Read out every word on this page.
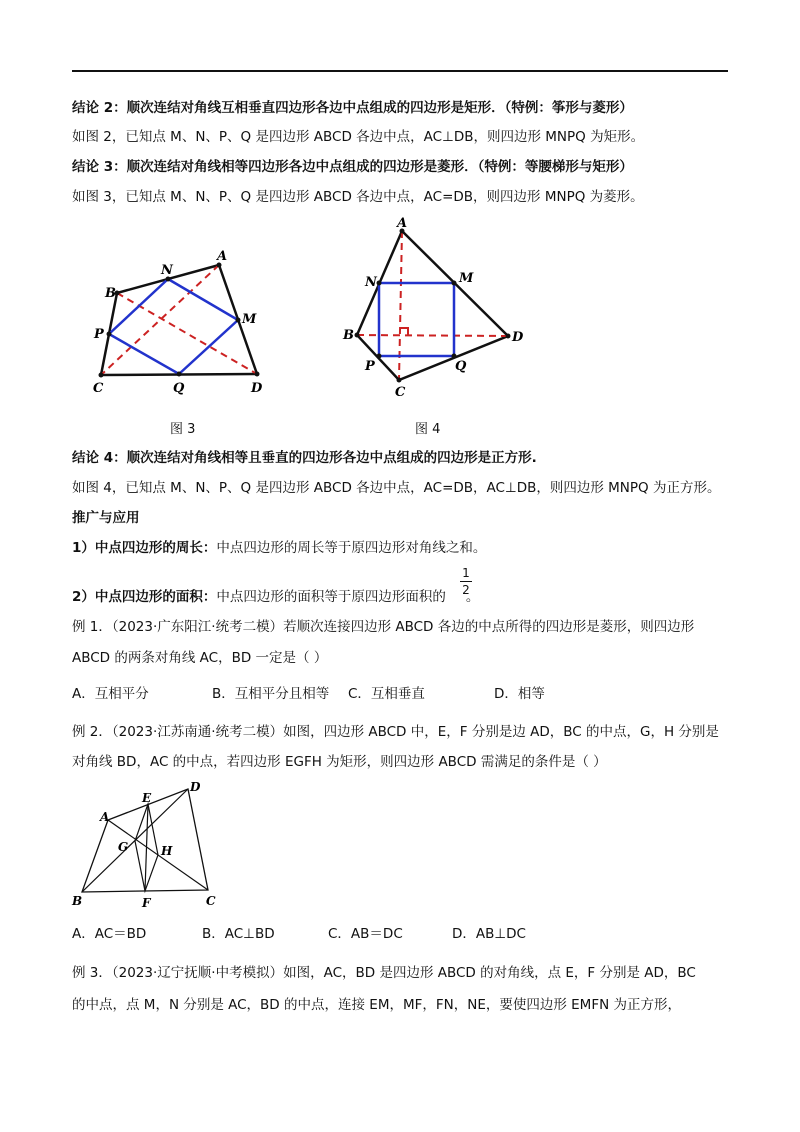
结论 2：顺次连结对角线互相垂直四边形各边中点组成的四边形是矩形．（特例：筝形与菱形）
如图 2，已知点 M、N、P、Q 是四边形 ABCD 各边中点，AC⊥DB，则四边形 MNPQ 为矩形。
结论 3：顺次连结对角线相等四边形各边中点组成的四边形是菱形．（特例：等腰梯形与矩形）
如图 3，已知点 M、N、P、Q 是四边形 ABCD 各边中点，AC=DB，则四边形 MNPQ 为菱形。
A
B
C	D
M
N
P
Q
图 3
A
B
C
D
M
N
P	Q
图 4
结论 4：顺次连结对角线相等且垂直的四边形各边中点组成的四边形是正方形.
如图 4，已知点 M、N、P、Q 是四边形 ABCD 各边中点，AC=DB，AC⊥DB，则四边形 MNPQ 为正方形。
推广与应用
1）中点四边形的周长：中点四边形的周长等于原四边形对角线之和。
2）中点四边形的面积：中点四边形的面积等于原四边形面积的 。
1
2
例 1．（2023·广东阳江·统考二模）若顺次连接四边形 ABCD 各边的中点所得的四边形是菱形，则四边形
ABCD 的两条对角线 AC，BD 一定是（ ）
A．互相平分	B．互相平分且相等 C．互相垂直	D．相等
例 2．（2023·江苏南通·统考二模）如图，四边形 ABCD 中，E，F 分别是边 AD，BC 的中点，G，H 分别是
对角线 BD，AC 的中点，若四边形 EGFH 为矩形，则四边形 ABCD 需满足的条件是（ ）
A
D
B	C
E
F
G	H
A．AC＝BD	B．AC⊥BD	C．AB＝DC	D．AB⊥DC
例 3．（2023·辽宁抚顺·中考模拟）如图，AC，BD 是四边形 ABCD 的对角线，点 E，F 分别是 AD，BC
的中点，点 M，N 分别是 AC，BD 的中点，连接 EM，MF，FN，NE，要使四边形 EMFN 为正方形，
